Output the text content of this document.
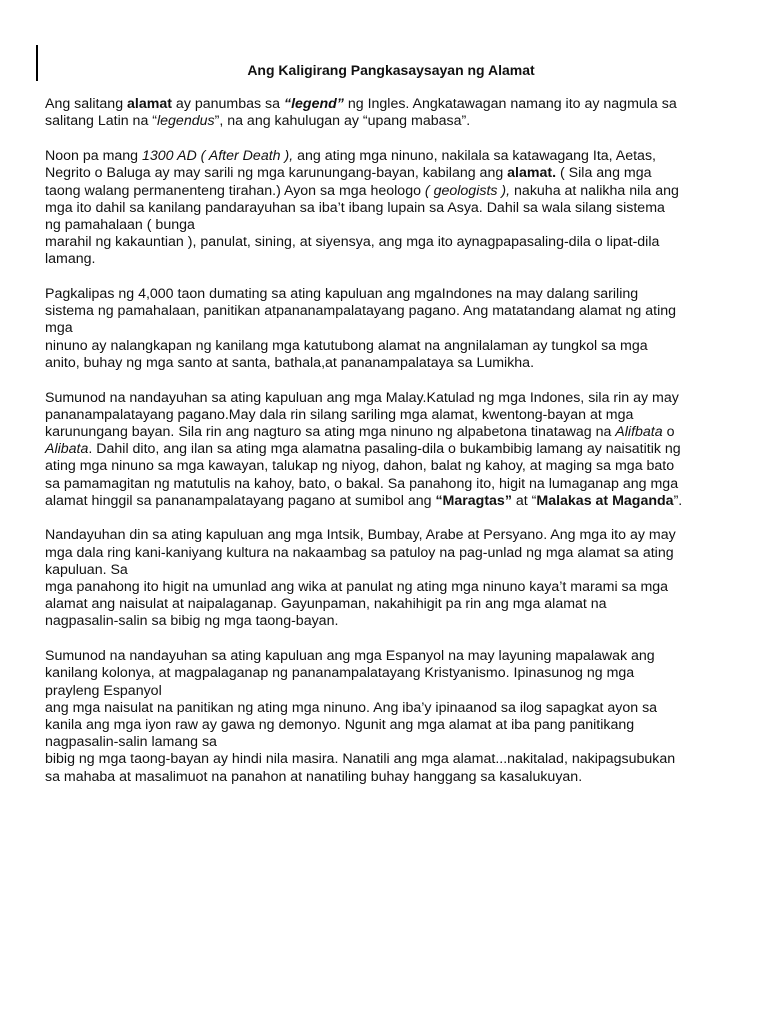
Ang Kaligirang Pangkasaysayan ng Alamat
Ang salitang alamat ay panumbas sa “legend” ng Ingles. Angkatawagan namang ito ay nagmula sa
salitang Latin na “legendus”, na ang kahulugan ay “upang mabasa”.
Noon pa mang 1300 AD ( After Death ), ang ating mga ninuno, nakilala sa katawagang Ita, Aetas,
Negrito o Baluga ay may sarili ng mga karunungang-bayan, kabilang ang alamat. ( Sila ang mga
taong walang permanenteng tirahan.) Ayon sa mga heologo ( geologists ), nakuha at nalikha nila ang
mga ito dahil sa kanilang pandarayuhan sa iba’t ibang lupain sa Asya. Dahil sa wala silang sistema
ng pamahalaan ( bunga
marahil ng kakauntian ), panulat, sining, at siyensya, ang mga ito aynagpapasaling-dila o lipat-dila
lamang.
Pagkalipas ng 4,000 taon dumating sa ating kapuluan ang mgaIndones na may dalang sariling
sistema ng pamahalaan, panitikan atpananampalatayang pagano. Ang matatandang alamat ng ating
mga
ninuno ay nalangkapan ng kanilang mga katutubong alamat na angnilalaman ay tungkol sa mga
anito, buhay ng mga santo at santa, bathala,at pananampalataya sa Lumikha.
Sumunod na nandayuhan sa ating kapuluan ang mga Malay.Katulad ng mga Indones, sila rin ay may
pananampalatayang pagano.May dala rin silang sariling mga alamat, kwentong-bayan at mga
karunungang bayan. Sila rin ang nagturo sa ating mga ninuno ng alpabetona tinatawag na Alifbata o
Alibata. Dahil dito, ang ilan sa ating mga alamatna pasaling-dila o bukambibig lamang ay naisatitik ng
ating mga ninuno sa mga kawayan, talukap ng niyog, dahon, balat ng kahoy, at maging sa mga bato
sa pamamagitan ng matutulis na kahoy, bato, o bakal. Sa panahong ito, higit na lumaganap ang mga
alamat hinggil sa pananampalatayang pagano at sumibol ang “Maragtas” at “Malakas at Maganda”.
Nandayuhan din sa ating kapuluan ang mga Intsik, Bumbay, Arabe at Persyano. Ang mga ito ay may
mga dala ring kani-kaniyang kultura na nakaambag sa patuloy na pag-unlad ng mga alamat sa ating
kapuluan. Sa
mga panahong ito higit na umunlad ang wika at panulat ng ating mga ninuno kaya’t marami sa mga
alamat ang naisulat at naipalaganap. Gayunpaman, nakahihigit pa rin ang mga alamat na
nagpasalin-salin sa bibig ng mga taong-bayan.
Sumunod na nandayuhan sa ating kapuluan ang mga Espanyol na may layuning mapalawak ang
kanilang kolonya, at magpalaganap ng pananampalatayang Kristyanismo. Ipinasunog ng mga
prayleng Espanyol
ang mga naisulat na panitikan ng ating mga ninuno. Ang iba’y ipinaanod sa ilog sapagkat ayon sa
kanila ang mga iyon raw ay gawa ng demonyo. Ngunit ang mga alamat at iba pang panitikang
nagpasalin-salin lamang sa
bibig ng mga taong-bayan ay hindi nila masira. Nanatili ang mga alamat...nakitalad, nakipagsubukan
sa mahaba at masalimuot na panahon at nanatiling buhay hanggang sa kasalukuyan.
